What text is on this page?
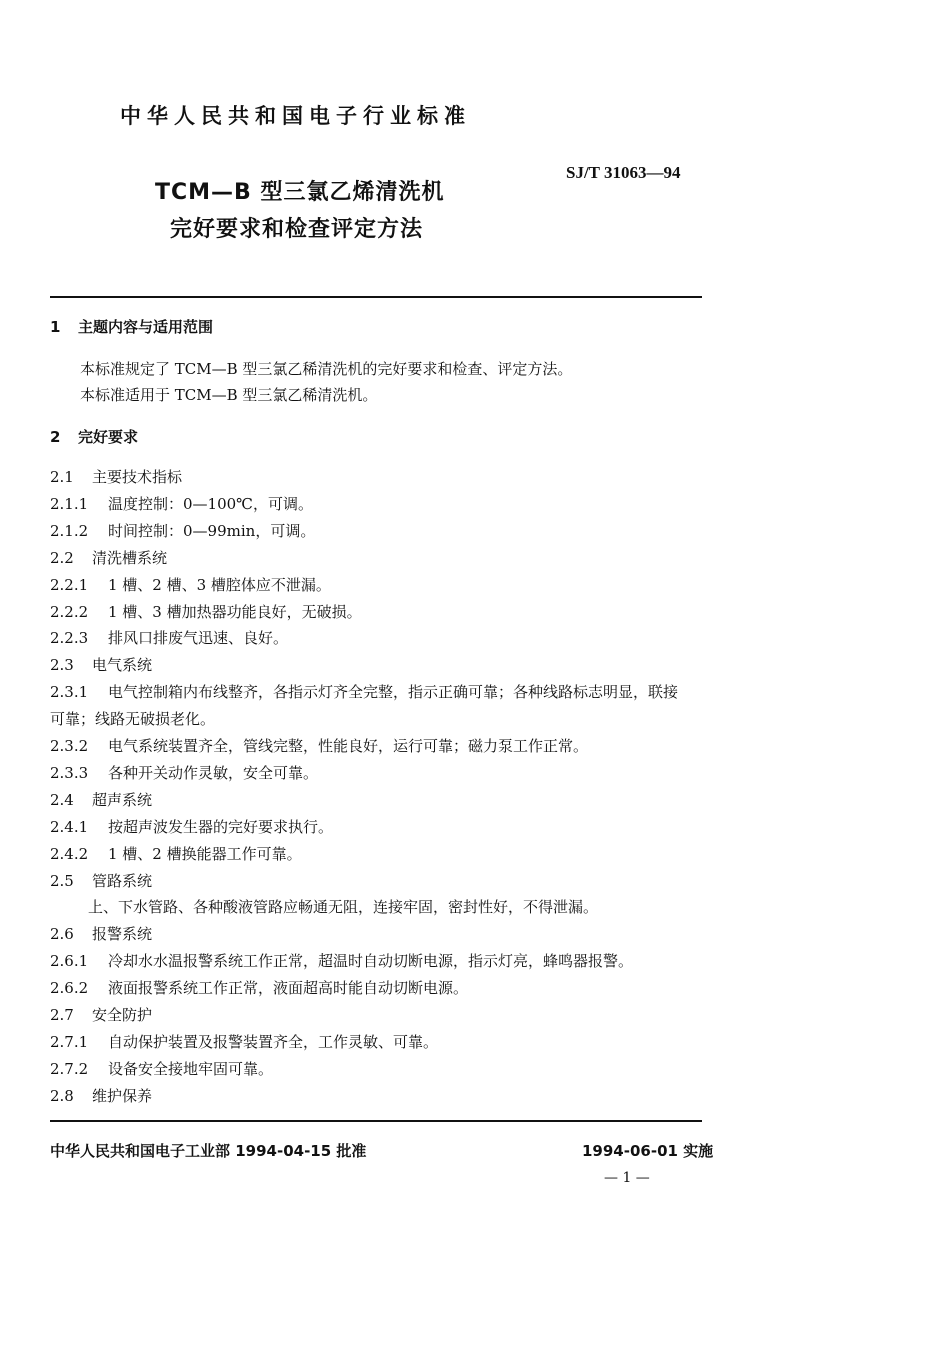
中华人民共和国电子行业标准
SJ/T 31063—94
TCM—B 型三氯乙烯清洗机
完好要求和检查评定方法
1 主题内容与适用范围
本标准规定了 TCM—B 型三氯乙稀清洗机的完好要求和检查、评定方法。
本标准适用于 TCM—B 型三氯乙稀清洗机。
2 完好要求
2.1 主要技术指标
2.1.1 温度控制：0—100℃，可调。
2.1.2 时间控制：0—99min，可调。
2.2 清洗槽系统
2.2.1 1 槽、2 槽、3 槽腔体应不泄漏。
2.2.2 1 槽、3 槽加热器功能良好，无破损。
2.2.3 排风口排废气迅速、良好。
2.3 电气系统
2.3.1 电气控制箱内布线整齐，各指示灯齐全完整，指示正确可靠；各种线路标志明显，联接
可靠；线路无破损老化。
2.3.2 电气系统装置齐全，管线完整，性能良好，运行可靠；磁力泵工作正常。
2.3.3 各种开关动作灵敏，安全可靠。
2.4 超声系统
2.4.1 按超声波发生器的完好要求执行。
2.4.2 1 槽、2 槽换能器工作可靠。
2.5 管路系统
上、下水管路、各种酸液管路应畅通无阻，连接牢固，密封性好，不得泄漏。
2.6 报警系统
2.6.1 冷却水水温报警系统工作正常，超温时自动切断电源，指示灯亮，蜂鸣器报警。
2.6.2 液面报警系统工作正常，液面超高时能自动切断电源。
2.7 安全防护
2.7.1 自动保护装置及报警装置齐全，工作灵敏、可靠。
2.7.2 设备安全接地牢固可靠。
2.8 维护保养
中华人民共和国电子工业部 1994-04-15 批准	1994-06-01 实施
— 1 —
